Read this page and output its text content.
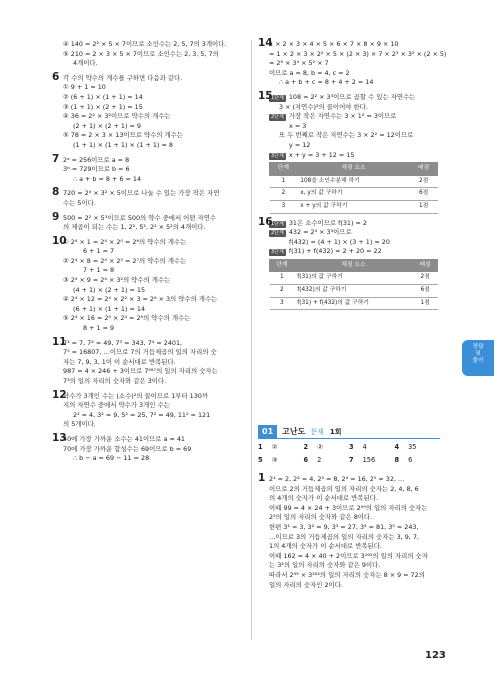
④ 140 = 2² × 5 × 7이므로 소인수는 2, 5, 7의 3개이다.
⑤ 210 = 2 × 3 × 5 × 7이므로 소인수는 2, 3, 5, 7의
4개이다.
6 각 수의 약수의 개수를 구하면 다음과 같다.
① 9 + 1 = 10
② (6 + 1) × (1 + 1) = 14
③ (1 + 1) × (2 + 1) = 15
④ 36 = 2² × 3²이므로 약수의 개수는
(2 + 1) × (2 + 1) = 9
⑤ 78 = 2 × 3 × 13이므로 약수의 개수는
(1 + 1) × (1 + 1) × (1 + 1) = 8
7 2ᵃ = 256이므로 a = 8
3ᵇ = 729이므로 b = 6
∴ a + b = 8 + 6 = 14
8 720 = 2⁴ × 3² × 5이므로 나눌 수 있는 가장 작은 자연
수는 5이다.
9 500 = 2² × 5³이므로 500의 약수 중에서 어떤 자연수
의 제곱이 되는 수는 1, 2², 5², 2² × 5²의 4개이다.
10
① 2⁴ × 1 = 2⁴ × 2⁰ = 2⁶의 약수의 개수는
6 + 1 = 7
② 2⁴ × 8 = 2⁴ × 2³ = 2⁷의 약수의 개수는
7 + 1 = 8
③ 2⁴ × 9 = 2⁴ × 3²의 약수의 개수는
(4 + 1) × (2 + 1) = 15
④ 2⁴ × 12 = 2⁴ × 2² × 3 = 2⁶ × 3의 약수의 개수는
(6 + 1) × (1 + 1) = 14
⑤ 2⁴ × 16 = 2⁴ × 2⁴ = 2⁸의 약수의 개수는
8 + 1 = 9
11
7¹ = 7, 7² = 49, 7³ = 343, 7⁴ = 2401,
7⁵ = 16807, …이므로 7의 거듭제곱의 일의 자리의 숫
자는 7, 9, 3, 1이 이 순서대로 반복된다.
987 = 4 × 246 + 3이므로 7⁹⁸⁷의 일의 자리의 숫자는
7³의 일의 자리의 숫자와 같은 3이다.
12
약수가 3개인 수는 (소수)²의 꼴이므로 1부터 130까
지의 자연수 중에서 약수가 3개인 수는
2² = 4, 3² = 9, 5² = 25, 7² = 49, 11² = 121
의 5개이다.
13
40에 가장 가까운 소수는 41이므로 a = 41
70에 가장 가까운 합성수는 69이므로 b = 69
∴ b − a = 69 − 11 = 28
14
1 × 2 × 3 × 4 × 5 × 6 × 7 × 8 × 9 × 10
= 1 × 2 × 3 × 2² × 5 × (2 × 3) × 7 × 2³ × 3² × (2 × 5)
= 2⁸ × 3⁴ × 5² × 7
이므로 a = 8, b = 4, c = 2
∴ a + b + c = 8 + 4 + 2 = 14
15
1단계 108 = 2² × 3³이므로 곱할 수 있는 자연수는
3 × (자연수)²의 꼴이어야 한다.
2단계 가장 작은 자연수는 3 × 1² = 3이므로
x = 3
또 두 번째로 작은 자연수는 3 × 2² = 12이므로
y = 12
3단계 x + y = 3 + 12 = 15
단계	채점 요소	배점
1	108을 소인수분해 하기	2점
2	x, y의 값 구하기	6점
3	x + y의 값 구하기	1점
16
1단계 31은 소수이므로 f(31) = 2
2단계 432 = 2⁴ × 3³이므로
f(432) = (4 + 1) × (3 + 1) = 20
3단계 f(31) + f(432) = 2 + 20 = 22
단계	채점 요소	배점
1	f(31)의 값 구하기	2점
2	f(432)의 값 구하기	6점
3	f(31) + f(432)의 값 구하기	1점
01	고난도 문제 1회
1 ②	2 ②	3 4	4 35
5 ③	6 2	7 156	8 6
1 2¹ = 2, 2² = 4, 2³ = 8, 2⁴ = 16, 2⁵ = 32, …
이므로 2의 거듭제곱의 일의 자리의 숫자는 2, 4, 8, 6
의 4개의 숫자가 이 순서대로 반복된다.
이때 99 = 4 × 24 + 3이므로 2⁹⁹의 일의 자리의 숫자는
2³의 일의 자리의 숫자와 같은 8이다.
한편 3¹ = 3, 3² = 9, 3³ = 27, 3⁴ = 81, 3⁵ = 243,
…이므로 3의 거듭제곱의 일의 자리의 숫자는 3, 9, 7,
1의 4개의 숫자가 이 순서대로 반복된다.
이때 162 = 4 × 40 + 2이므로 3¹⁶²의 일의 자리의 숫자
는 3²의 일의 자리의 숫자와 같은 9이다.
따라서 2⁹⁹ × 3¹⁶²의 일의 자리의 숫자는 8 × 9 = 72의
일의 자리의 숫자인 2이다.
정답
및
풀이
123
